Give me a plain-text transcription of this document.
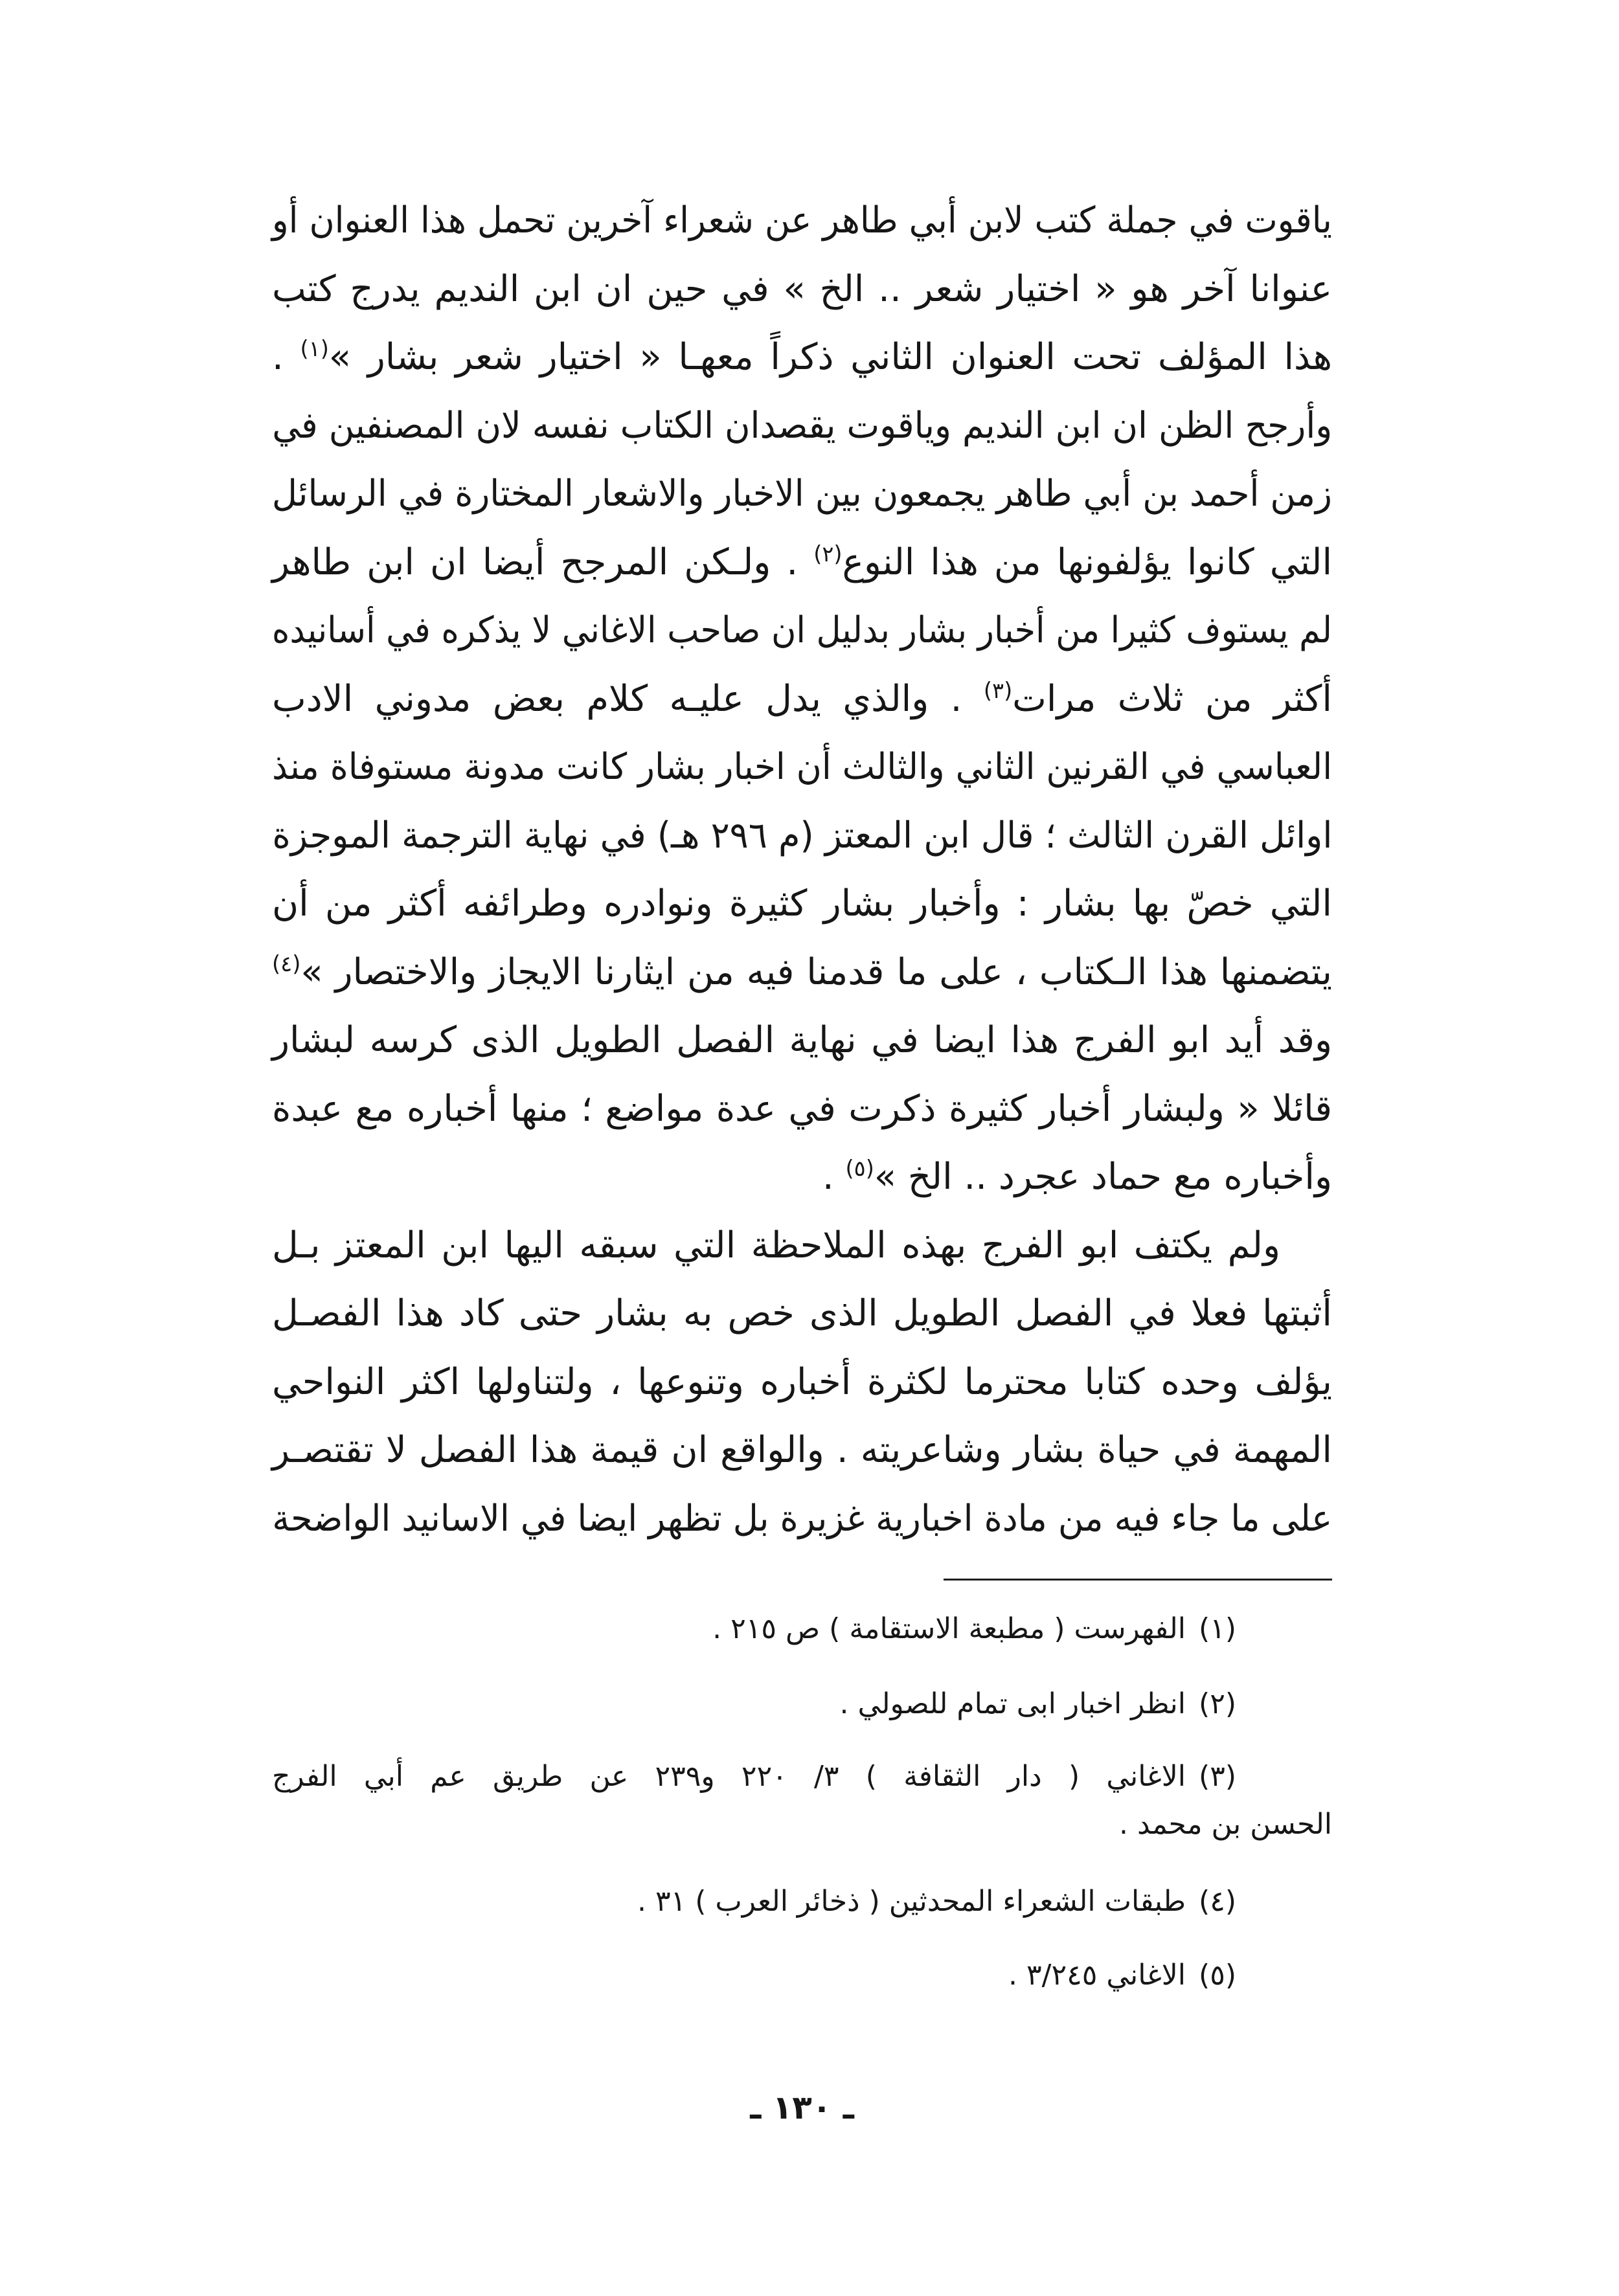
ياقوت في جملة كتب لابن أبي طاهر عن شعراء آخرين تحمل هذا العنوان أو
عنوانا آخر هو « اختيار شعر .. الخ » في حين ان ابن النديم يدرج كتب
هذا المؤلف تحت العنوان الثاني ذكراً معهـا « اختيار شعر بشار »$^{(١)}$ .
وأرجح الظن ان ابن النديم وياقوت يقصدان الكتاب نفسه لان المصنفين في
زمن أحمد بن أبي طاهر يجمعون بين الاخبار والاشعار المختارة في الرسائل
التي كانوا يؤلفونها من هذا النوع$^{(٢)}$ . ولـكن المرجح أيضا ان ابن طاهر
لم يستوف كثيرا من أخبار بشار بدليل ان صاحب الاغاني لا يذكره في أسانيده
أكثر من ثلاث مرات$^{(٣)}$ . والذي يدل عليـه كلام بعض مدوني الادب
العباسي في القرنين الثاني والثالث أن اخبار بشار كانت مدونة مستوفاة منذ
اوائل القرن الثالث ؛ قال ابن المعتز (م ٢٩٦ هـ) في نهاية الترجمة الموجزة
التي خصّ بها بشار : وأخبار بشار كثيرة ونوادره وطرائفه أكثر من أن
يتضمنها هذا الـكتاب ، على ما قدمنا فيه من ايثارنا الايجاز والاختصار »$^{(٤)}$
وقد أيد ابو الفرج هذا ايضا في نهاية الفصل الطويل الذى كرسه لبشار
قائلا « ولبشار أخبار كثيرة ذكرت في عدة مواضع ؛ منها أخباره مع عبدة
وأخباره مع حماد عجرد .. الخ »$^{(٥)}$ .
ولم يكتف ابو الفرج بهذه الملاحظة التي سبقه اليها ابن المعتز بـل
أثبتها فعلا في الفصل الطويل الذى خص به بشار حتى كاد هذا الفصـل
يؤلف وحده كتابا محترما لكثرة أخباره وتنوعها ، ولتناولها اكثر النواحي
المهمة في حياة بشار وشاعريته . والواقع ان قيمة هذا الفصل لا تقتصـر
على ما جاء فيه من مادة اخبارية غزيرة بل تظهر ايضا في الاسانيد الواضحة
(١)الفهرست ( مطبعة الاستقامة ) ص ٢١٥ .
(٢)انظر اخبار ابى تمام للصولي .
(٣)الاغاني ( دار الثقافة ) ٣/ ٢٢٠ و٢٣٩ عن طريق عم أبي الفرج
الحسن بن محمد .
(٤)طبقات الشعراء المحدثين ( ذخائر العرب ) ٣١ .
(٥)الاغاني ٣/٢٤٥ .
ـ ١٣٠ ـ
